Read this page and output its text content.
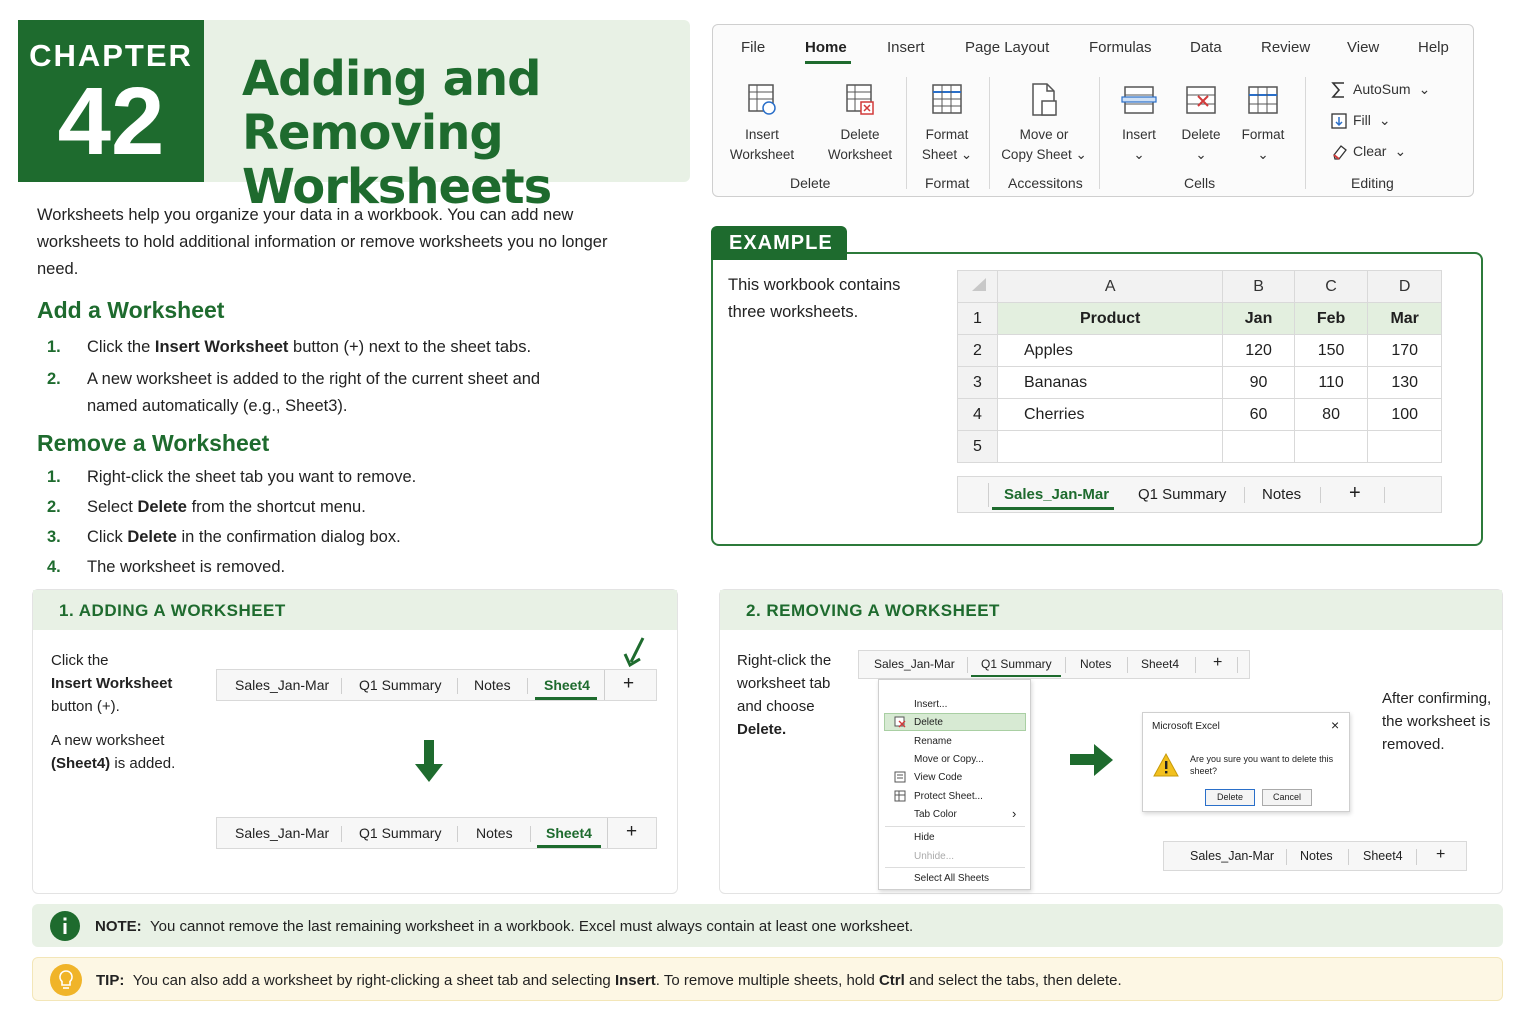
CHAPTER
42	Adding and
Removing Worksheets
File	Home	Insert	Page Layout	Formulas	Data	Review View	Help
Insert
Worksheet
Delete
Worksheet
Delete
Format
Sheet ⌄
Format
Move or
Copy Sheet ⌄
Accessitons
Insert
⌄
Delete
⌄
Format
⌄
Cells
AutoSum ⌄
Fill ⌄
Clear ⌄
Editing
Worksheets help you organize your data in a workbook. You can add new worksheets to hold additional information or remove worksheets you no longer need.
Add a Worksheet
1. Click the Insert Worksheet button (+) next to the sheet tabs.
2. A new worksheet is added to the right of the current sheet and named automatically (e.g., Sheet3).
Remove a Worksheet
1. Right-click the sheet tab you want to remove.
2. Select Delete from the shortcut menu.
3. Click Delete in the confirmation dialog box.
4. The worksheet is removed.
EXAMPLE
This workbook contains three worksheets.
	A	B	C	D
1	Product	Jan	Feb	Mar
2	Apples	120	150	170
3	Bananas	90	110	130
4	Cherries	60	80	100
5				
Sales_Jan-Mar Q1 Summary Notes +
1. ADDING A WORKSHEET
Click the
Insert Worksheet
button (+).
A new worksheet
(Sheet4) is added.
Sales_Jan-Mar Q1 Summary Notes Sheet4 +
Sales_Jan-Mar Q1 Summary Notes Sheet4 +
2. REMOVING A WORKSHEET
Right-click the worksheet tab and choose Delete.
Sales_Jan-Mar Q1 Summary Notes Sheet4 +
After confirming, the worksheet is removed.
Sales_Jan-Mar Notes Sheet4 +
Insert...
Delete
Rename
Move or Copy...
View Code
Protect Sheet...
Tab Color	›
Hide
Unhide...
Select All Sheets
Microsoft Excel	×
Are you sure you want to delete this sheet?
Delete	Cancel
NOTE: You cannot remove the last remaining worksheet in a workbook. Excel must always contain at least one worksheet.
TIP: You can also add a worksheet by right-clicking a sheet tab and selecting Insert. To remove multiple sheets, hold Ctrl and select the tabs, then delete.
